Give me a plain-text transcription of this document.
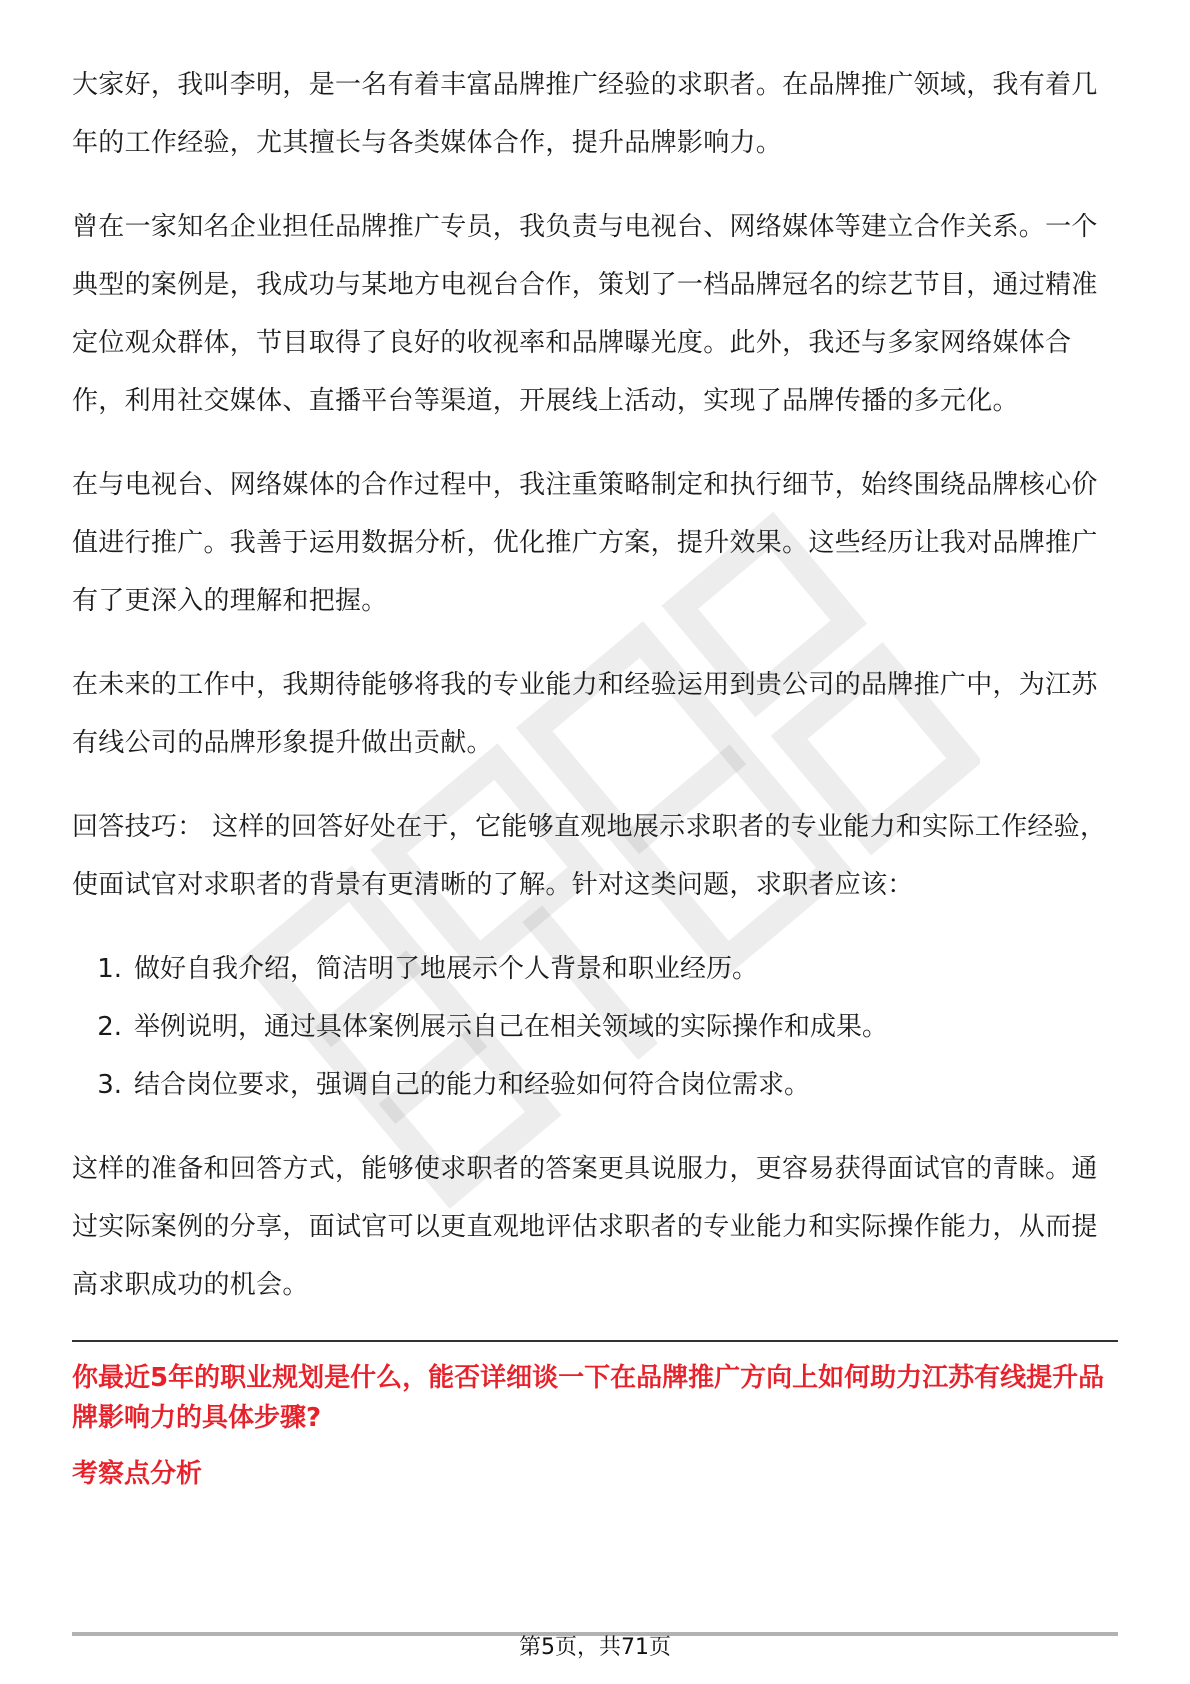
大家好，我叫李明，是一名有着丰富品牌推广经验的求职者。在品牌推广领域，我有着几年的工作经验，尤其擅长与各类媒体合作，提升品牌影响力。

曾在一家知名企业担任品牌推广专员，我负责与电视台、网络媒体等建立合作关系。一个典型的案例是，我成功与某地方电视台合作，策划了一档品牌冠名的综艺节目，通过精准定位观众群体，节目取得了良好的收视率和品牌曝光度。此外，我还与多家网络媒体合作，利用社交媒体、直播平台等渠道，开展线上活动，实现了品牌传播的多元化。

在与电视台、网络媒体的合作过程中，我注重策略制定和执行细节，始终围绕品牌核心价值进行推广。我善于运用数据分析，优化推广方案，提升效果。这些经历让我对品牌推广有了更深入的理解和把握。

在未来的工作中，我期待能够将我的专业能力和经验运用到贵公司的品牌推广中，为江苏有线公司的品牌形象提升做出贡献。

回答技巧： 这样的回答好处在于，它能够直观地展示求职者的专业能力和实际工作经验，使面试官对求职者的背景有更清晰的了解。针对这类问题，求职者应该：

1. 做好自我介绍，简洁明了地展示个人背景和职业经历。
2. 举例说明，通过具体案例展示自己在相关领域的实际操作和成果。
3. 结合岗位要求，强调自己的能力和经验如何符合岗位需求。

这样的准备和回答方式，能够使求职者的答案更具说服力，更容易获得面试官的青睐。通过实际案例的分享，面试官可以更直观地评估求职者的专业能力和实际操作能力，从而提高求职成功的机会。

你最近5年的职业规划是什么，能否详细谈一下在品牌推广方向上如何助力江苏有线提升品牌影响力的具体步骤?

考察点分析

第5页，共71页
